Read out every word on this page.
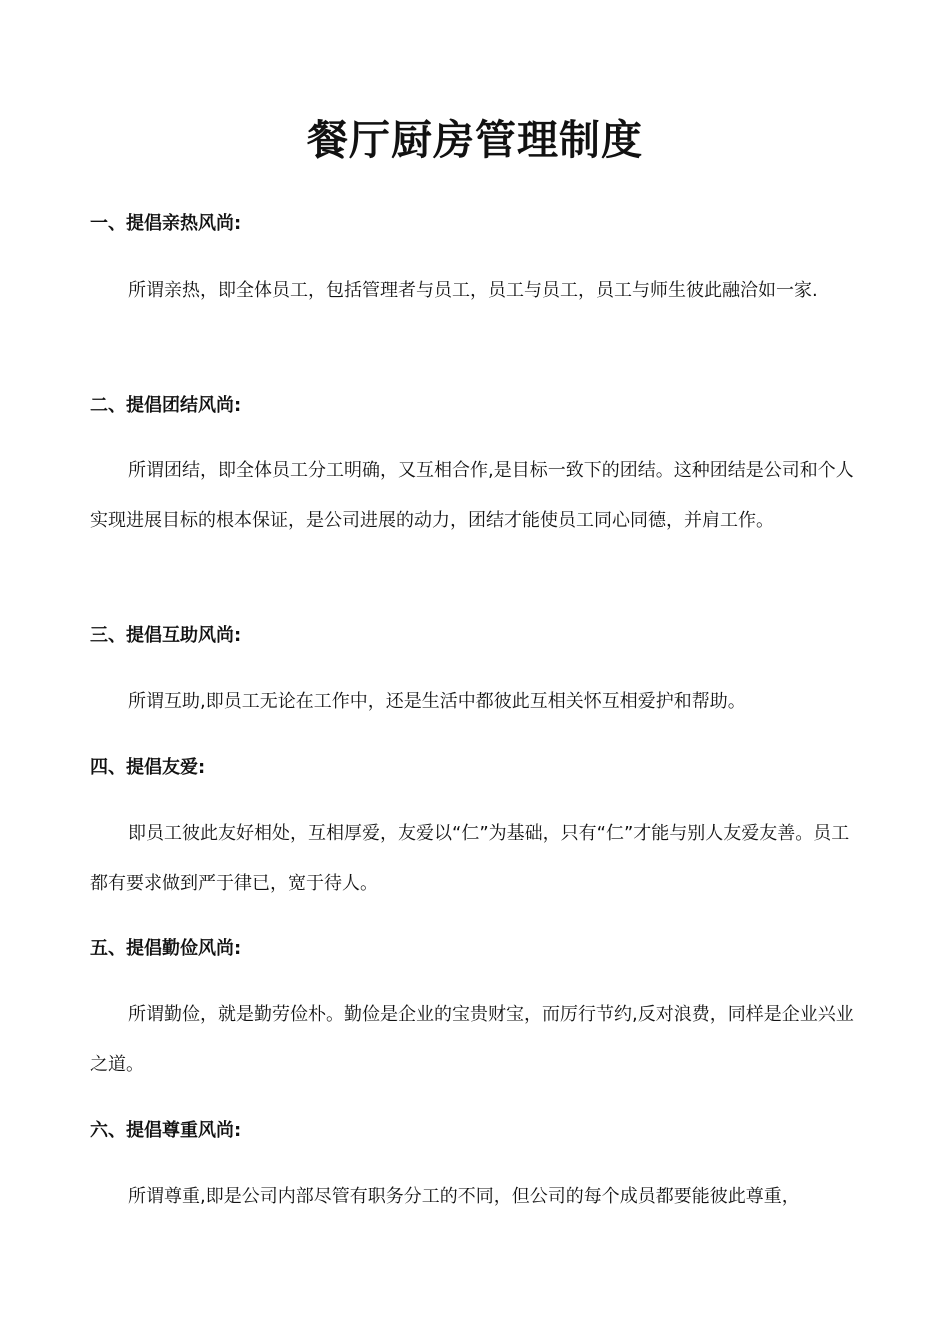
餐厅厨房管理制度
一、提倡亲热风尚:

所谓亲热，即全体员工，包括管理者与员工，员工与员工，员工与师生彼此融洽如一家.

二、提倡团结风尚:

所谓团结，即全体员工分工明确，又互相合作,是目标一致下的团结。这种团结是公司和个人实现进展目标的根本保证，是公司进展的动力，团结才能使员工同心同德，并肩工作。

三、提倡互助风尚:

所谓互助,即员工无论在工作中，还是生活中都彼此互相关怀互相爱护和帮助。

四、提倡友爱:

即员工彼此友好相处，互相厚爱，友爱以“仁”为基础，只有“仁”才能与别人友爱友善。员工都有要求做到严于律已，宽于待人。

五、提倡勤俭风尚:

所谓勤俭，就是勤劳俭朴。勤俭是企业的宝贵财宝，而厉行节约,反对浪费，同样是企业兴业之道。

六、提倡尊重风尚:

所谓尊重,即是公司内部尽管有职务分工的不同，但公司的每个成员都要能彼此尊重，
